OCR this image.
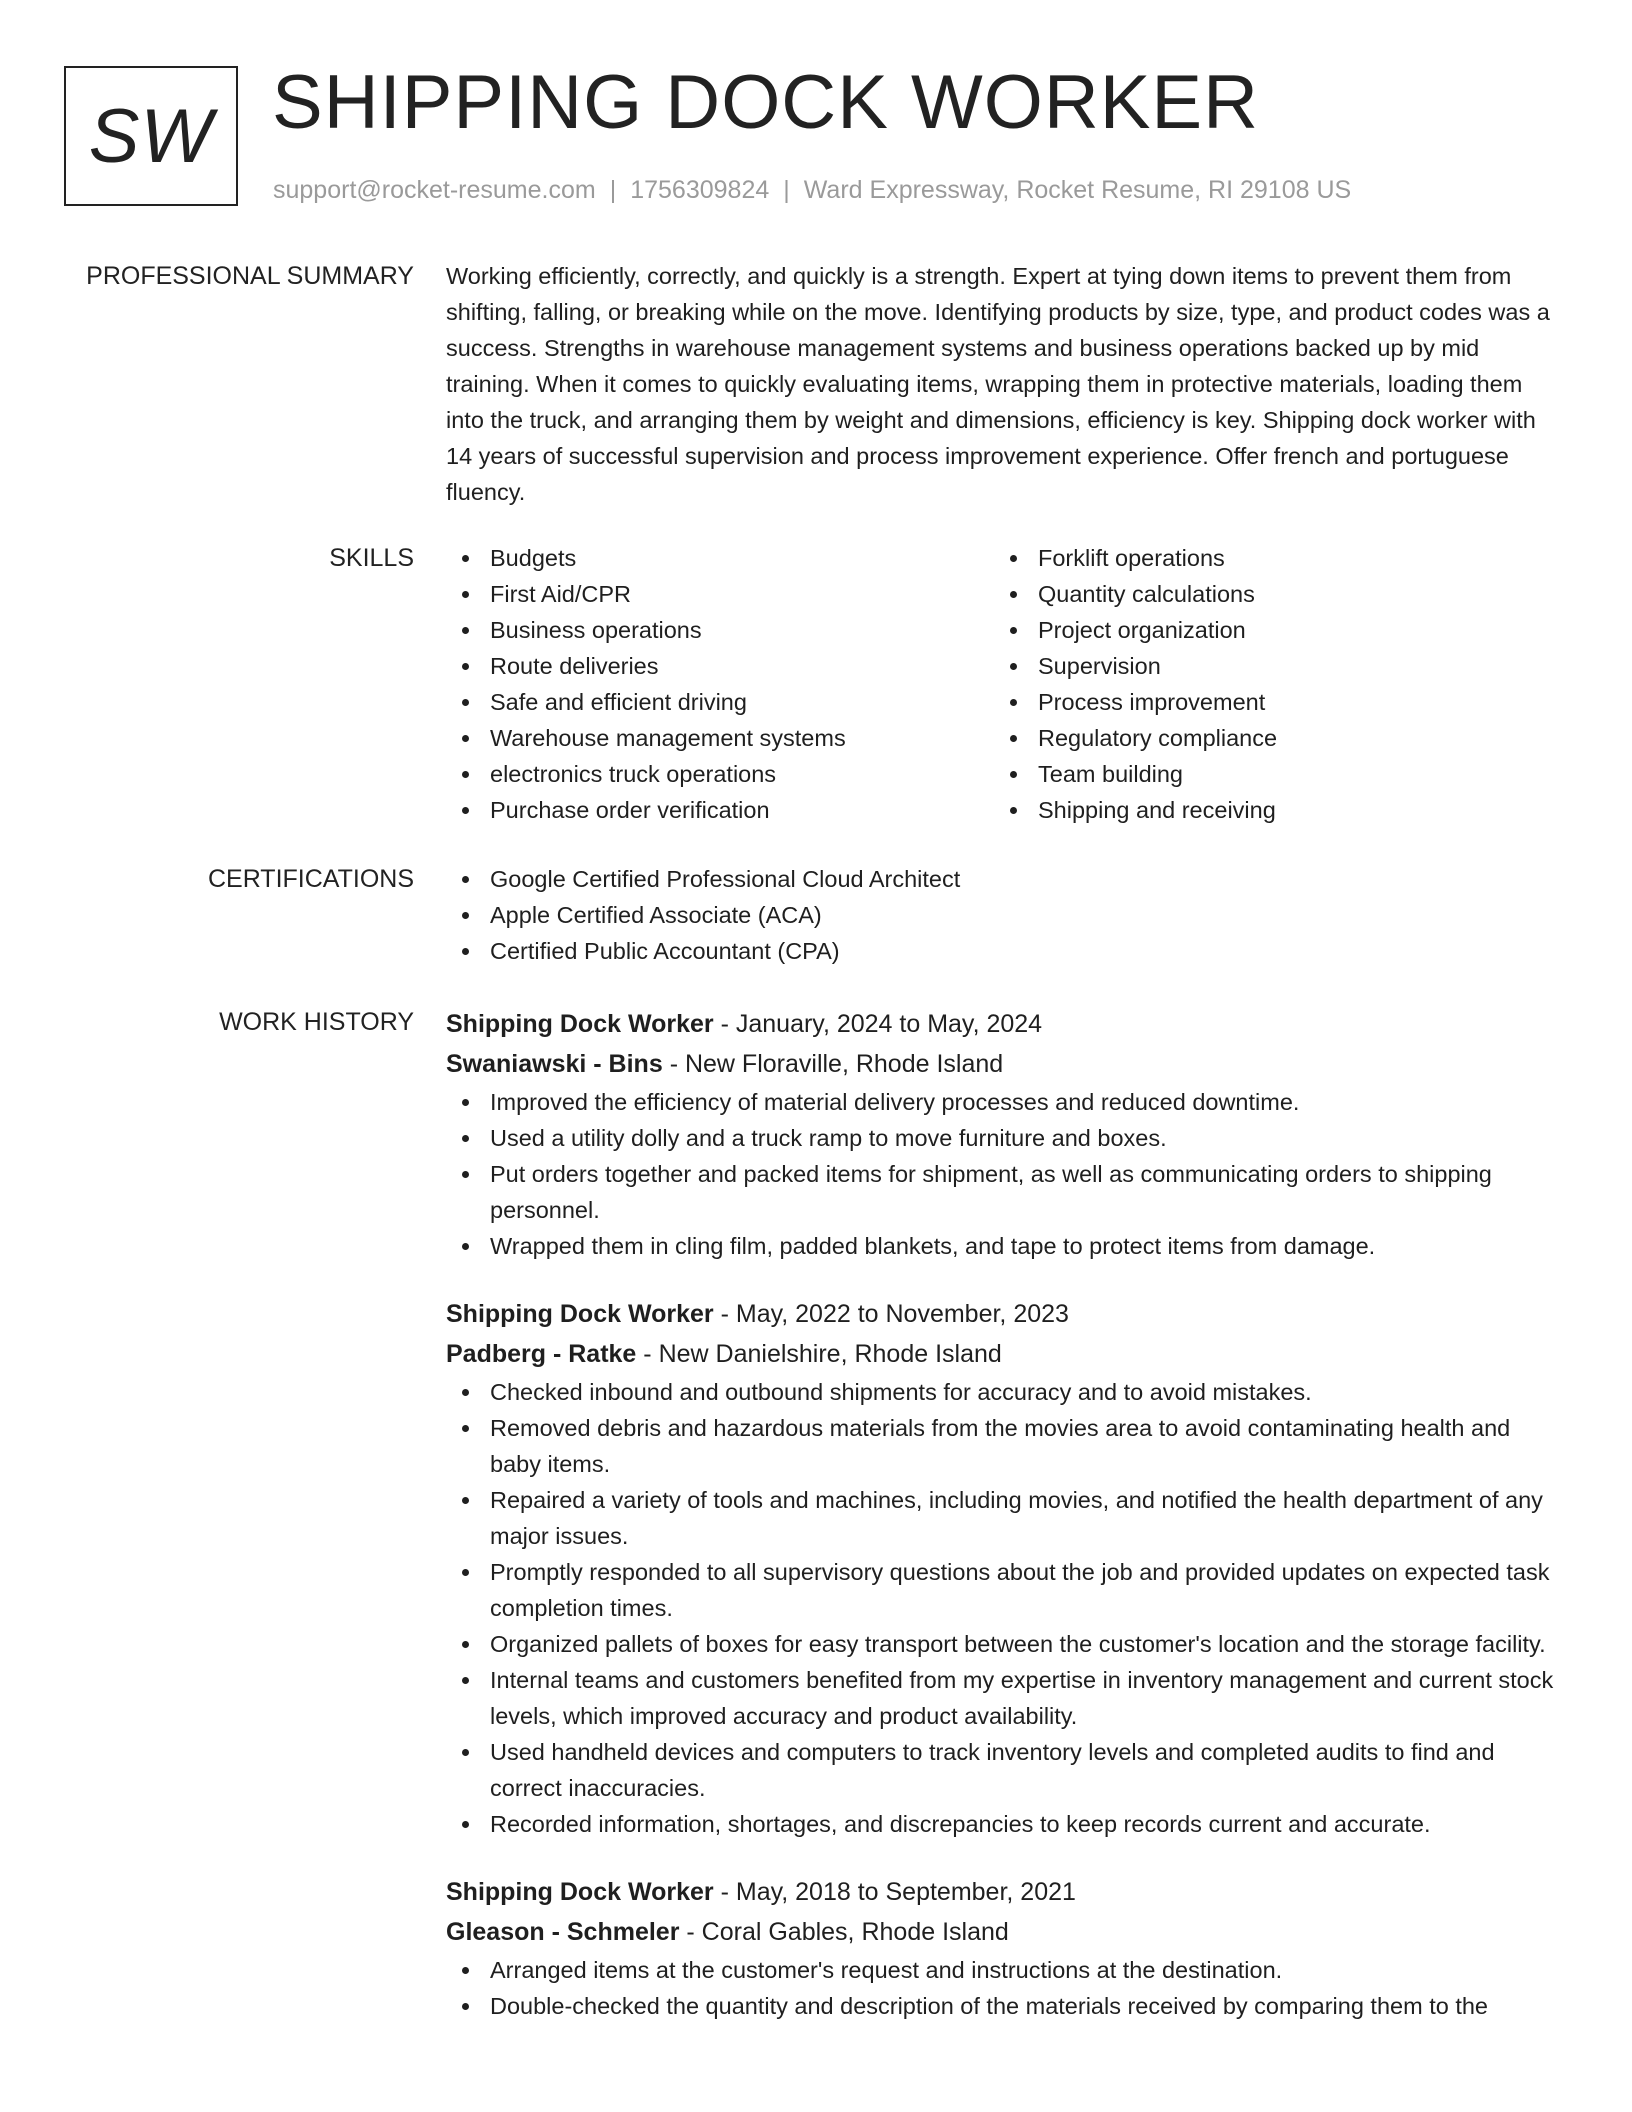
SW SHIPPING DOCK WORKER
support@rocket-resume.com | 1756309824 | Ward Expressway, Rocket Resume, RI 29108 US
PROFESSIONAL SUMMARY Working efficiently, correctly, and quickly is a strength. Expert at tying down items to prevent them from shifting, falling, or breaking while on the move. Identifying products by size, type, and product codes was a success. Strengths in warehouse management systems and business operations backed up by mid training. When it comes to quickly evaluating items, wrapping them in protective materials, loading them into the truck, and arranging them by weight and dimensions, efficiency is key. Shipping dock worker with 14 years of successful supervision and process improvement experience. Offer french and portuguese fluency.

SKILLS	Budgets
First Aid/CPR
Business operations
Route deliveries
Safe and efficient driving
Warehouse management systems
electronics truck operations
Purchase order verification
Forklift operations
Quantity calculations
Project organization
Supervision
Process improvement
Regulatory compliance
Team building
Shipping and receiving
CERTIFICATIONS	Google Certified Professional Cloud Architect
Apple Certified Associate (ACA)
Certified Public Accountant (CPA)
WORK HISTORY Shipping Dock Worker - January, 2024 to May, 2024
Swaniawski - Bins - New Floraville, Rhode Island
Improved the efficiency of material delivery processes and reduced downtime.
Used a utility dolly and a truck ramp to move furniture and boxes.
Put orders together and packed items for shipment, as well as communicating orders to shipping personnel.
Wrapped them in cling film, padded blankets, and tape to protect items from damage.
Shipping Dock Worker - May, 2022 to November, 2023
Padberg - Ratke - New Danielshire, Rhode Island
Checked inbound and outbound shipments for accuracy and to avoid mistakes.
Removed debris and hazardous materials from the movies area to avoid contaminating health and baby items.
Repaired a variety of tools and machines, including movies, and notified the health department of any major issues.
Promptly responded to all supervisory questions about the job and provided updates on expected task completion times.
Organized pallets of boxes for easy transport between the customer's location and the storage facility.
Internal teams and customers benefited from my expertise in inventory management and current stock levels, which improved accuracy and product availability.
Used handheld devices and computers to track inventory levels and completed audits to find and correct inaccuracies.
Recorded information, shortages, and discrepancies to keep records current and accurate.
Shipping Dock Worker - May, 2018 to September, 2021
Gleason - Schmeler - Coral Gables, Rhode Island
Arranged items at the customer's request and instructions at the destination.
Double-checked the quantity and description of the materials received by comparing them to the
